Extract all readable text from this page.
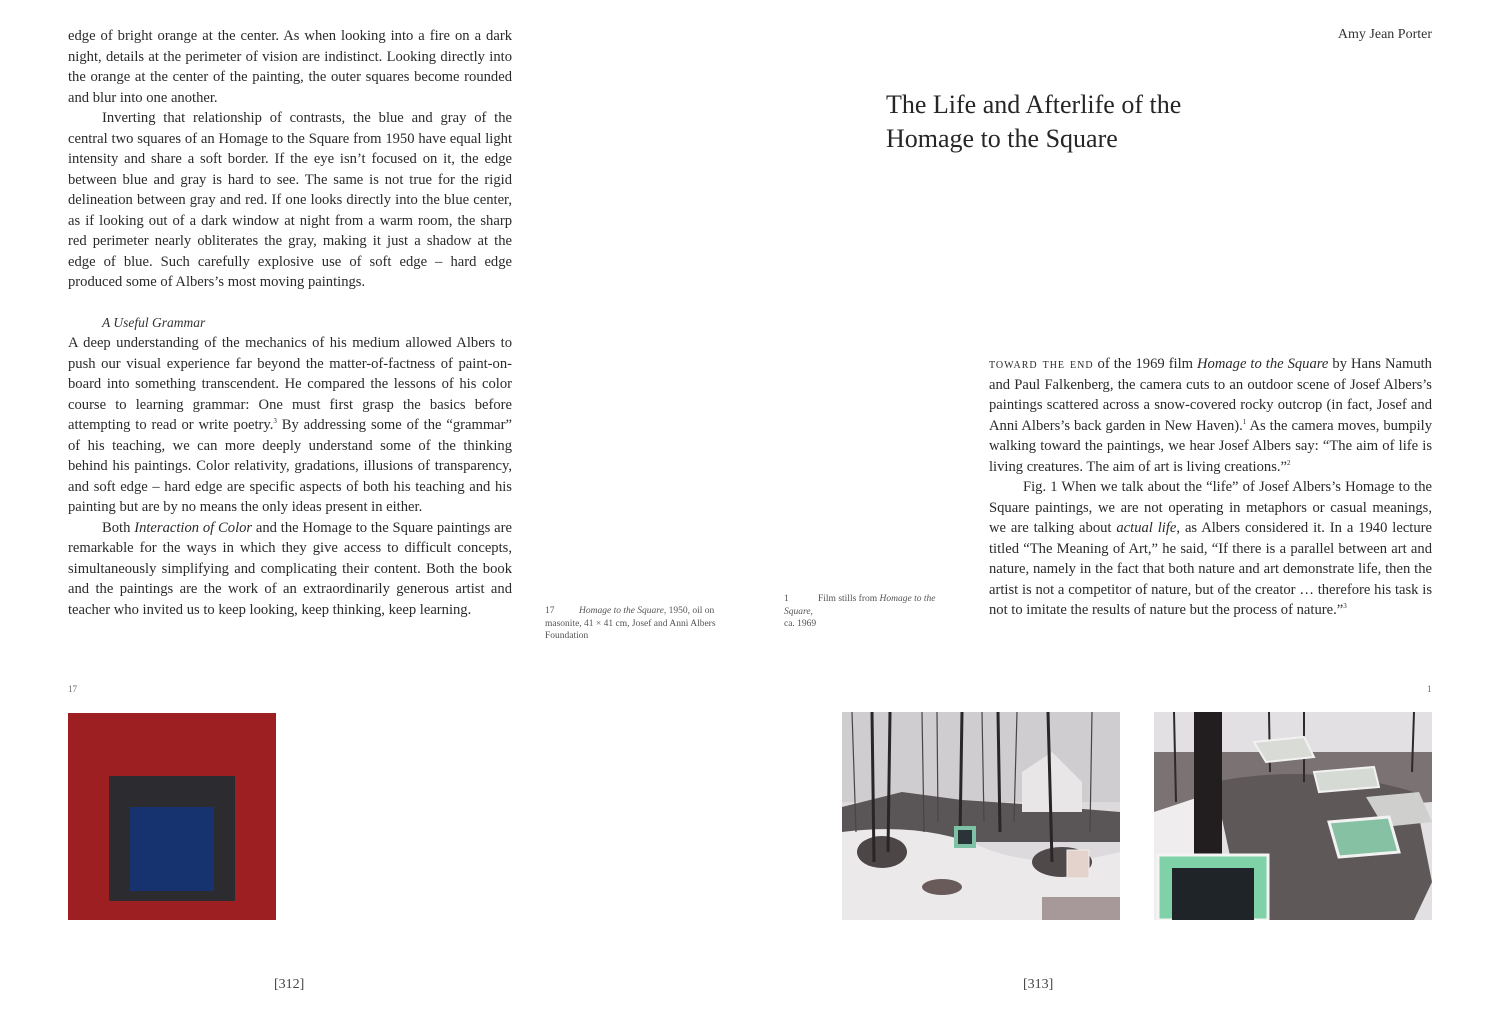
edge of bright orange at the center. As when looking into a fire on a dark night, details at the perimeter of vision are indistinct. Looking directly into the orange at the center of the painting, the outer squares become rounded and blur into one another.

Inverting that relationship of contrasts, the blue and gray of the central two squares of an Homage to the Square from 1950 have equal light intensity and share a soft border. If the eye isn’t focused on it, the edge between blue and gray is hard to see. The same is not true for the rigid delineation between gray and red. If one looks directly into the blue center, as if looking out of a dark window at night from a warm room, the sharp red perimeter nearly obliterates the gray, making it just a shadow at the edge of blue. Such carefully explosive use of soft edge – hard edge produced some of Albers’s most moving paintings.

A Useful Grammar

A deep understanding of the mechanics of his medium allowed Albers to push our visual experience far beyond the matter-of-factness of paint-on-board into something transcendent. He compared the lessons of his color course to learning grammar: One must first grasp the basics before attempting to read or write poetry.$^3$ By addressing some of the “grammar” of his teaching, we can more deeply understand some of the thinking behind his paintings. Color relativity, gradations, illusions of transparency, and soft edge – hard edge are specific aspects of both his teaching and his painting but are by no means the only ideas present in either.

Both Interaction of Color and the Homage to the Square paintings are remarkable for the ways in which they give access to difficult concepts, simultaneously simplifying and complicating their content. Both the book and the paintings are the work of an extraordinarily generous artist and teacher who invited us to keep looking, keep thinking, keep learning.	17	Homage to the Square, 1950, oil on masonite, 41 × 41 cm, Josef and Anni Albers Foundation
17
[312]
Amy Jean Porter
The Life and Afterlife of the
Homage to the Square
1	Film stills from Homage to the Square,
ca. 1969

toward the end of the 1969 film Homage to the Square by Hans Namuth and Paul Falkenberg, the camera cuts to an outdoor scene of Josef Albers’s paintings scattered across a snow-covered rocky outcrop (in fact, Josef and Anni Albers’s back garden in New Haven).$^1$ As the camera moves, bumpily walking toward the paintings, we hear Josef Albers say: “The aim of life is living creatures. The aim of art is living creations.”$^2$

Fig. 1 When we talk about the “life” of Josef Albers’s Homage to the Square paintings, we are not operating in metaphors or casual meanings, we are talking about actual life, as Albers considered it. In a 1940 lecture titled “The Meaning of Art,” he said, “If there is a parallel between art and nature, namely in the fact that both nature and art demonstrate life, then the artist is not a competitor of nature, but of the creator … therefore his task is not to imitate the results of nature but the process of nature.”$^3$

1
[313]
